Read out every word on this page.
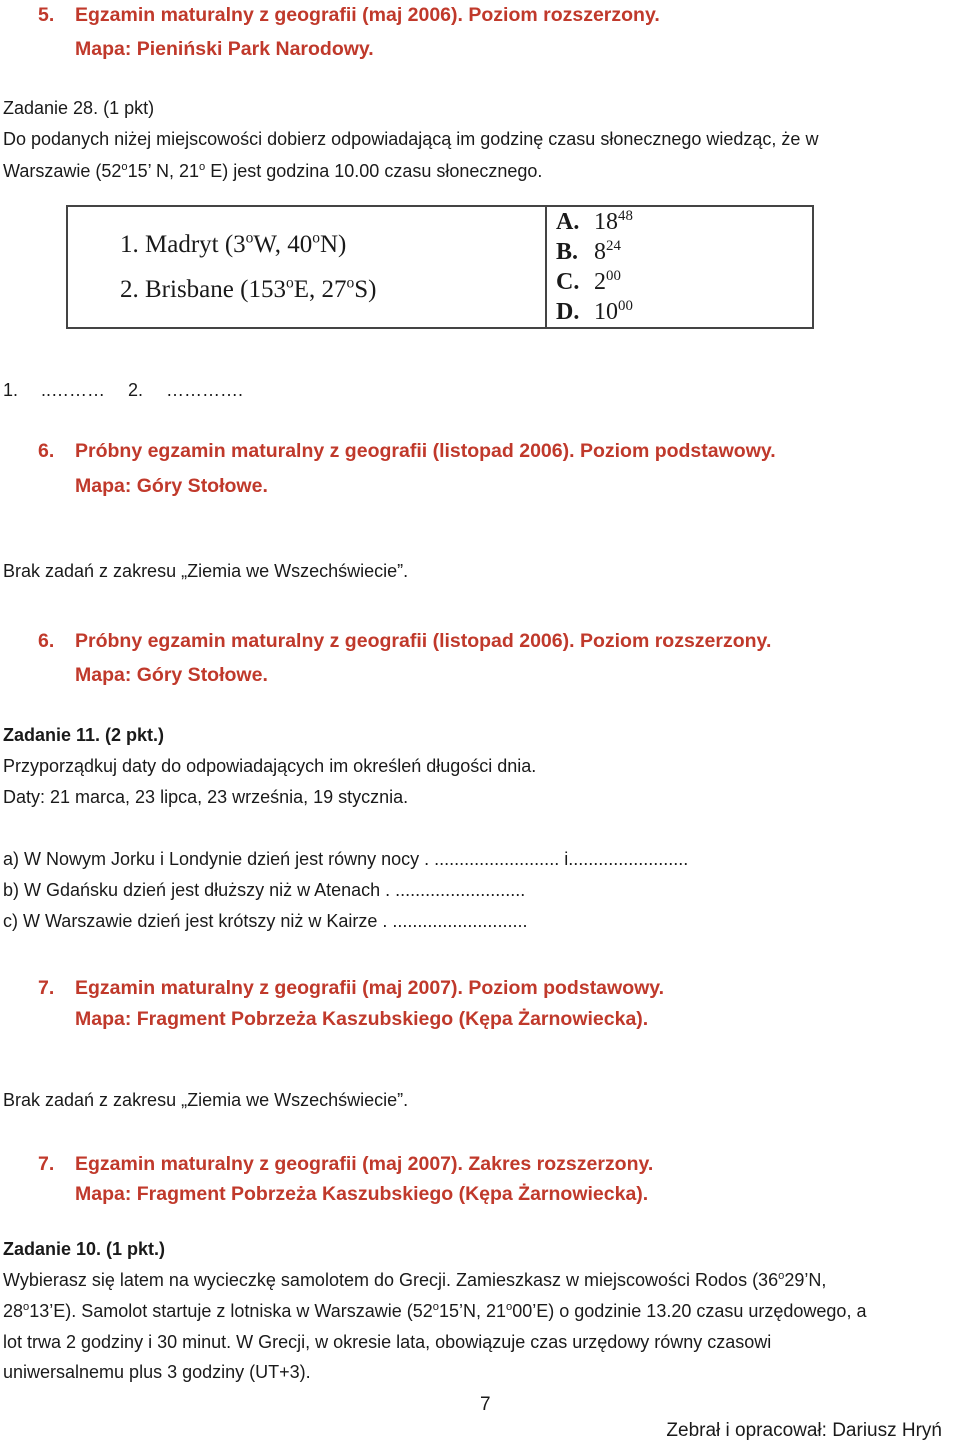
5. Egzamin maturalny z geografii (maj 2006). Poziom rozszerzony.
Mapa: Pieniński Park Narodowy.
Zadanie 28. (1 pkt)
Do podanych niżej miejscowości dobierz odpowiadającą im godzinę czasu słonecznego wiedząc, że w
Warszawie (52$^o$15’ N, 21$^o$ E) jest godzina 10.00 czasu słonecznego.
1. Madryt (3$^o$W, 40$^o$N)
2. Brisbane (153$^o$E, 27$^o$S)
A. $18^{48}$
B. $8^{24}$
C. $2^{00}$
D. $10^{00}$
1. ..……… 2. ………….
6. Próbny egzamin maturalny z geografii (listopad 2006). Poziom podstawowy.
Mapa: Góry Stołowe.
Brak zadań z zakresu „Ziemia we Wszechświecie”.
6. Próbny egzamin maturalny z geografii (listopad 2006). Poziom rozszerzony.
Mapa: Góry Stołowe.
Zadanie 11. (2 pkt.)
Przyporządkuj daty do odpowiadających im określeń długości dnia.
Daty: 21 marca, 23 lipca, 23 września, 19 stycznia.
a) W Nowym Jorku i Londynie dzień jest równy nocy . ......................... i........................
b) W Gdańsku dzień jest dłuższy niż w Atenach . ..........................
c) W Warszawie dzień jest krótszy niż w Kairze . ...........................
7. Egzamin maturalny z geografii (maj 2007). Poziom podstawowy.
Mapa: Fragment Pobrzeża Kaszubskiego (Kępa Żarnowiecka).
Brak zadań z zakresu „Ziemia we Wszechświecie”.
7. Egzamin maturalny z geografii (maj 2007). Zakres rozszerzony.
Mapa: Fragment Pobrzeża Kaszubskiego (Kępa Żarnowiecka).
Zadanie 10. (1 pkt.)
Wybierasz się latem na wycieczkę samolotem do Grecji. Zamieszkasz w miejscowości Rodos (36$^o$29’N,
28$^o$13’E). Samolot startuje z lotniska w Warszawie (52$^o$15’N, 21$^o$00’E) o godzinie 13.20 czasu urzędowego, a
lot trwa 2 godziny i 30 minut. W Grecji, w okresie lata, obowiązuje czas urzędowy równy czasowi
uniwersalnemu plus 3 godziny (UT+3).
7
Zebrał i opracował: Dariusz Hryń
